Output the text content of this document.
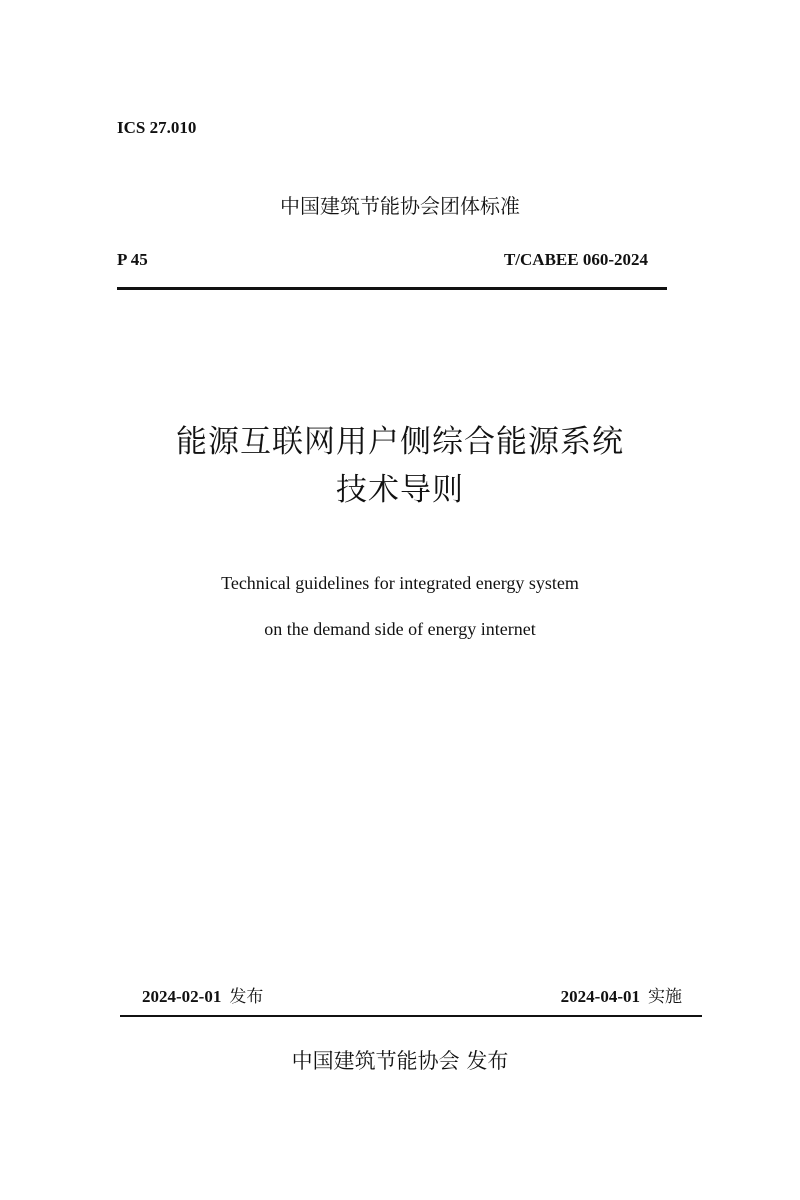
ICS 27.010
中国建筑节能协会团体标准
P 45	T/CABEE 060-2024
能源互联网用户侧综合能源系统
技术导则
Technical guidelines for integrated energy system
on the demand side of energy internet
2024-02-01 发布	2024-04-01 实施
中国建筑节能协会 发布
